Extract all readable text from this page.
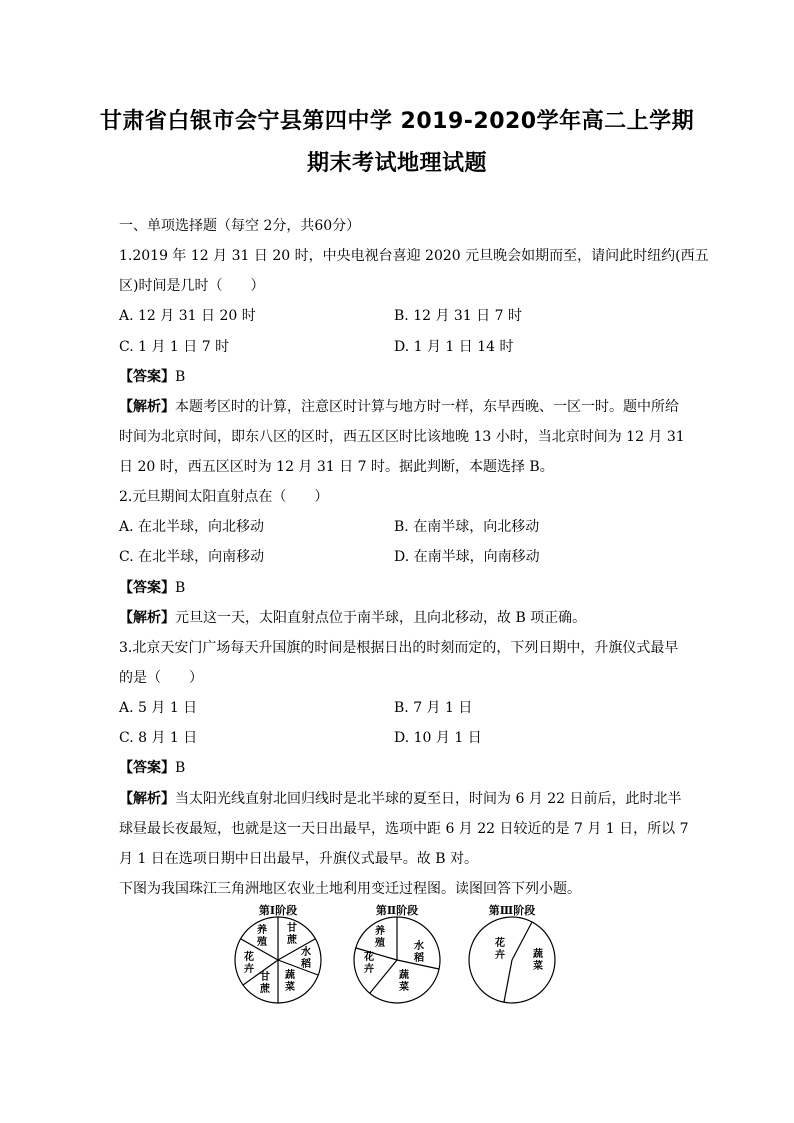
甘肃省白银市会宁县第四中学 2019-2020学年高二上学期
期末考试地理试题
一、单项选择题（每空 2分，共60分）
1.2019 年 12 月 31 日 20 时，中央电视台喜迎 2020 元旦晚会如期而至，请问此时纽约(西五
区)时间是几时（　　）
A. 12 月 31 日 20 时	B. 12 月 31 日 7 时
C. 1 月 1 日 7 时	D. 1 月 1 日 14 时
【答案】B
【解析】本题考区时的计算，注意区时计算与地方时一样，东早西晚、一区一时。题中所给
时间为北京时间，即东八区的区时，西五区区时比该地晚 13 小时，当北京时间为 12 月 31
日 20 时，西五区区时为 12 月 31 日 7 时。据此判断，本题选择 B。
2.元旦期间太阳直射点在（　　）
A. 在北半球，向北移动	B. 在南半球，向北移动
C. 在北半球，向南移动	D. 在南半球，向南移动
【答案】B
【解析】元旦这一天，太阳直射点位于南半球，且向北移动，故 B 项正确。
3.北京天安门广场每天升国旗的时间是根据日出的时刻而定的，下列日期中，升旗仪式最早
的是（　　）
A. 5 月 1 日	B. 7 月 1 日
C. 8 月 1 日	D. 10 月 1 日
【答案】B
【解析】当太阳光线直射北回归线时是北半球的夏至日，时间为 6 月 22 日前后，此时北半
球昼最长夜最短，也就是这一天日出最早，选项中距 6 月 22 日较近的是 7 月 1 日，所以 7
月 1 日在选项日期中日出最早，升旗仪式最早。故 B 对。
下图为我国珠江三角洲地区农业土地利用变迁过程图。读图回答下列小题。
第Ⅰ阶段	第Ⅱ阶段	第Ⅲ阶段
养殖
甘蔗
水稻
蔬菜
甘蔗
花卉
养殖	水稻
蔬菜
花卉
花卉	蔬菜
